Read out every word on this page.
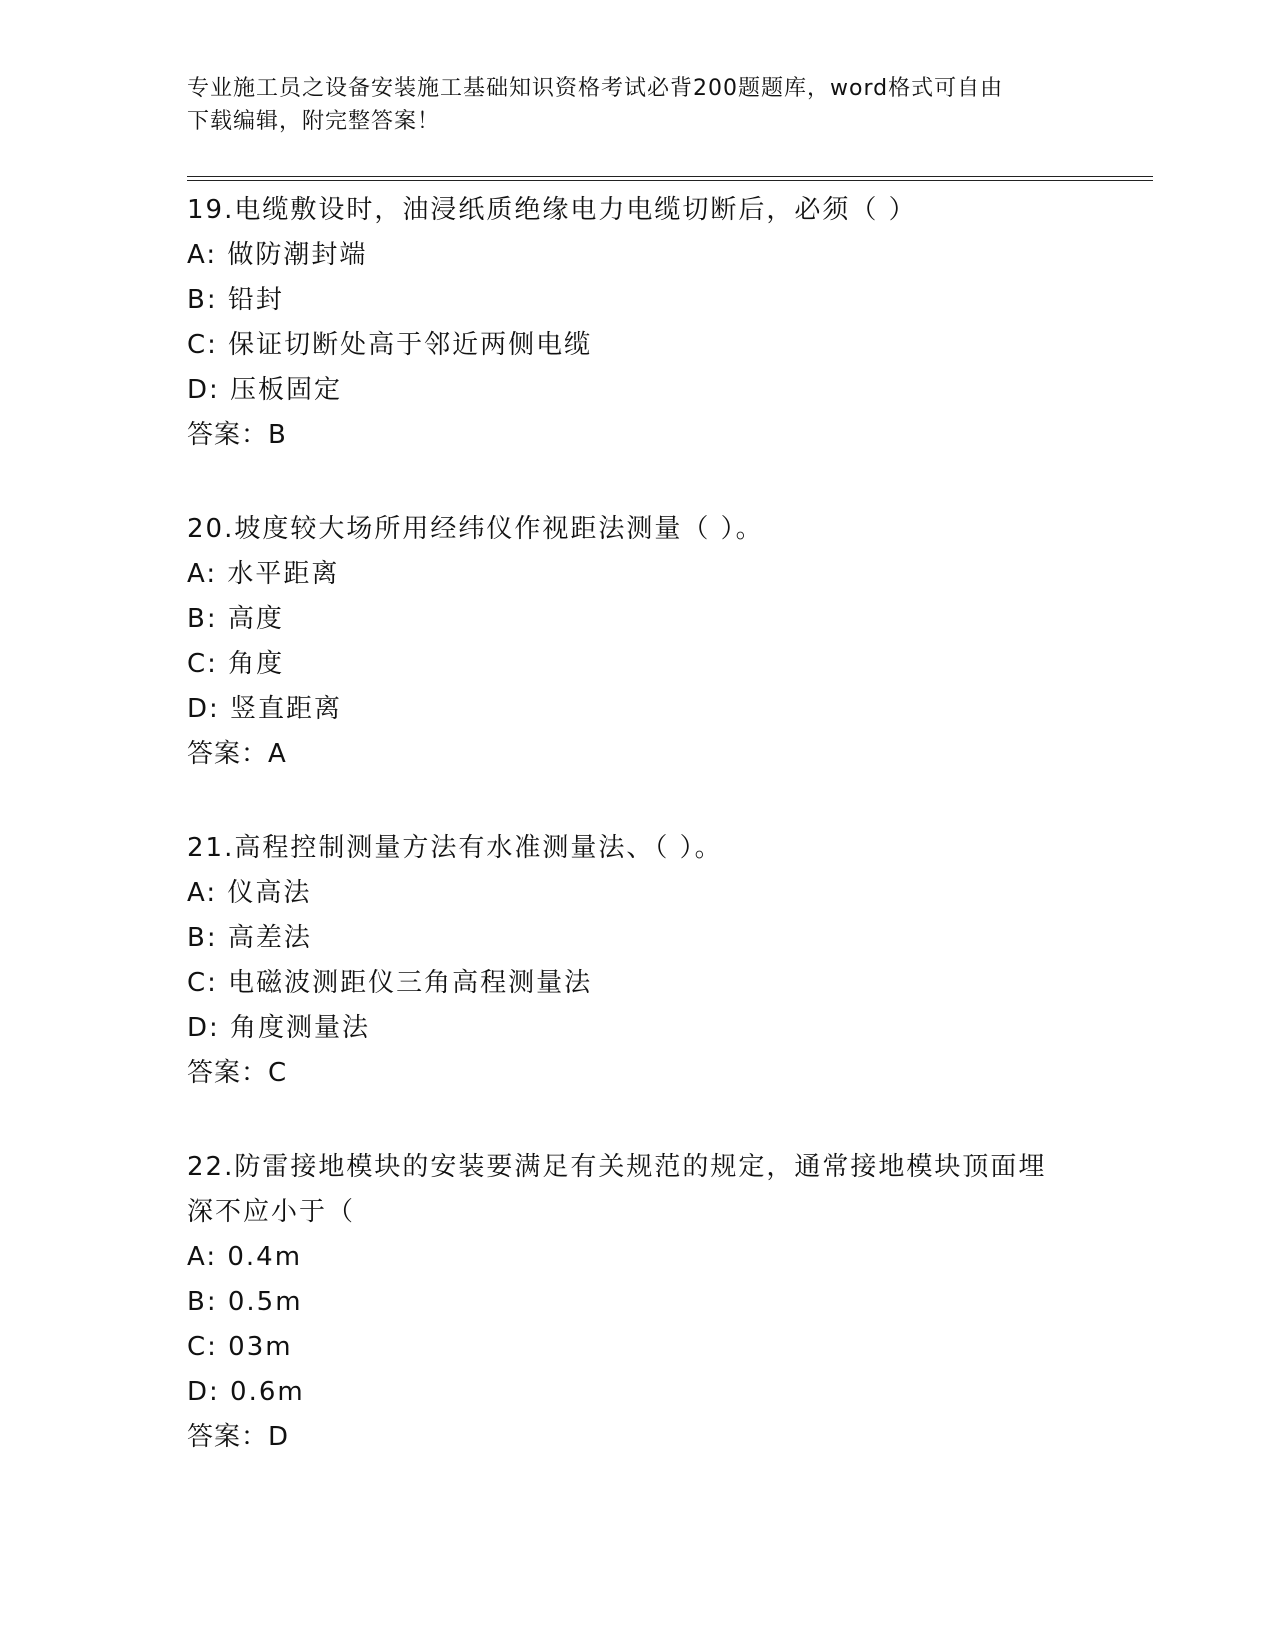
专业施工员之设备安装施工基础知识资格考试必背200题题库，word格式可自由
下载编辑，附完整答案！
19.电缆敷设时，油浸纸质绝缘电力电缆切断后，必须（ ）
A: 做防潮封端
B: 铅封
C: 保证切断处高于邻近两侧电缆
D: 压板固定
答案：B
20.坡度较大场所用经纬仪作视距法测量（ ）。
A: 水平距离
B: 高度
C: 角度
D: 竖直距离
答案：A
21.高程控制测量方法有水准测量法、（ ）。
A: 仪高法
B: 高差法
C: 电磁波测距仪三角高程测量法
D: 角度测量法
答案：C
22.防雷接地模块的安装要满足有关规范的规定，通常接地模块顶面埋
深不应小于（
A: 0.4m
B: 0.5m
C: 03m
D: 0.6m
答案：D
